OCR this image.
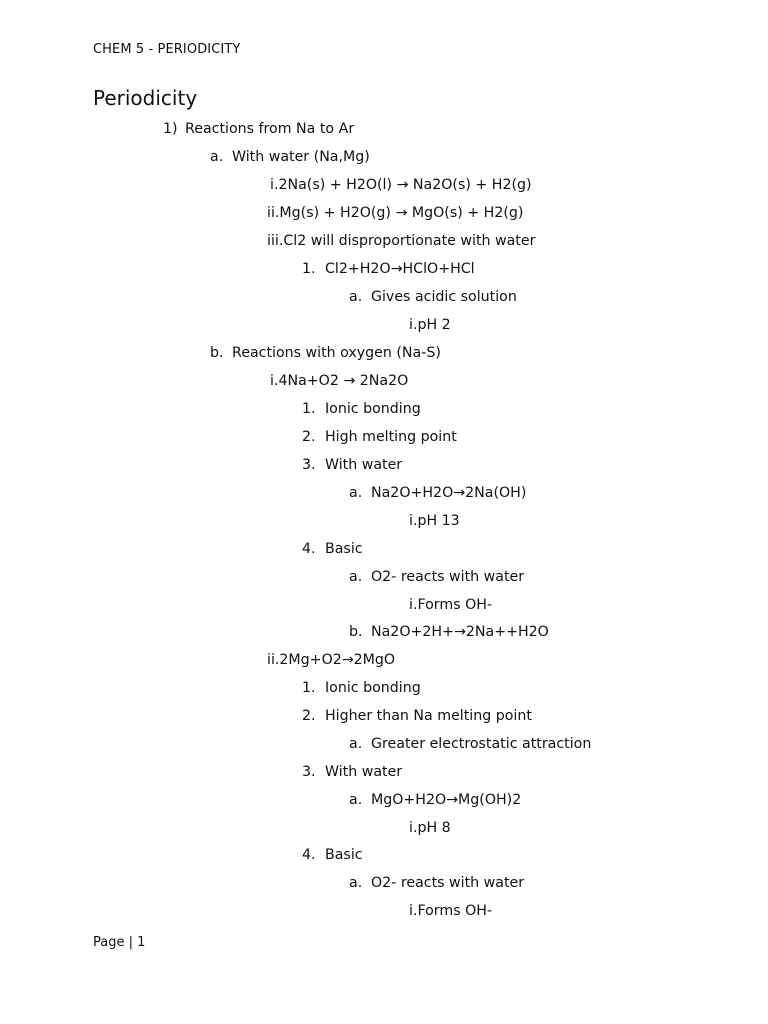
CHEM 5 - PERIODICITY
Periodicity
1) Reactions from Na to Ar
a. With water (Na,Mg)
i.2Na(s) + H2O(l) → Na2O(s) + H2(g)
ii.Mg(s) + H2O(g) → MgO(s) + H2(g)
iii.Cl2 will disproportionate with water
1. Cl2+H2O→HClO+HCl
a. Gives acidic solution
i.pH 2
b. Reactions with oxygen (Na-S)
i.4Na+O2 → 2Na2O
1. Ionic bonding
2. High melting point
3. With water
a. Na2O+H2O→2Na(OH)
i.pH 13
4. Basic
a. O2- reacts with water
i.Forms OH-
b. Na2O+2H+→2Na++H2O
ii.2Mg+O2→2MgO
1. Ionic bonding
2. Higher than Na melting point
a. Greater electrostatic attraction
3. With water
a. MgO+H2O→Mg(OH)2
i.pH 8
4. Basic
a. O2- reacts with water
i.Forms OH-
Page | 1
